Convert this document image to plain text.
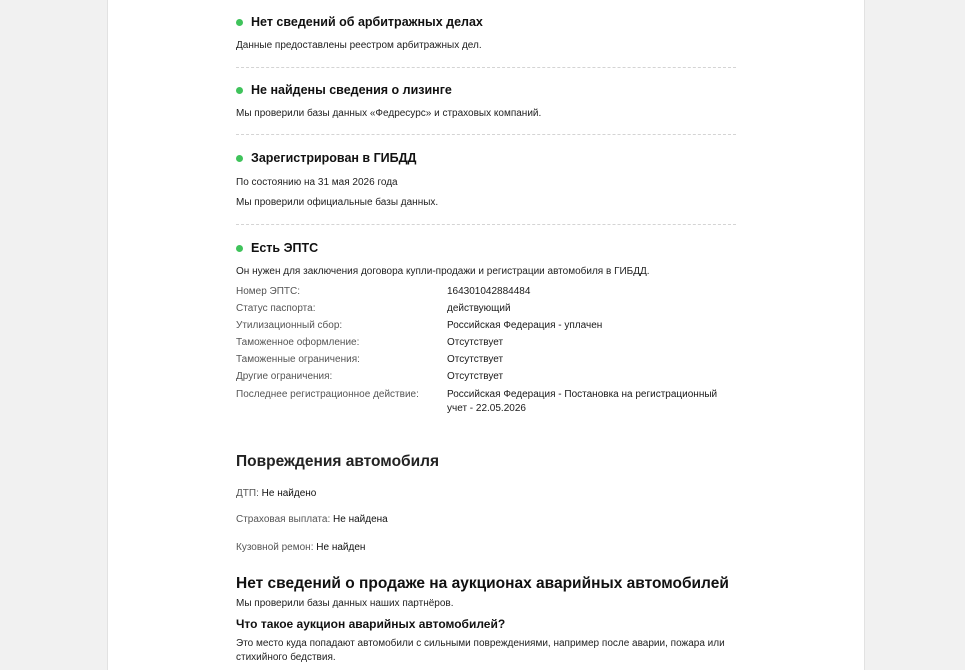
Нет сведений об арбитражных делах
Данные предоставлены реестром арбитражных дел.
Не найдены сведения о лизинге
Мы проверили базы данных «Федресурс» и страховых компаний.
Зарегистрирован в ГИБДД
По состоянию на 31 мая 2026 года
Мы проверили официальные базы данных.
Есть ЭПТС
Он нужен для заключения договора купли-продажи и регистрации автомобиля в ГИБДД.
Номер ЭПТС:	164301042884484
Статус паспорта:	действующий
Утилизационный сбор:	Российская Федерация - уплачен
Таможенное оформление:	Отсутствует
Таможенные ограничения:	Отсутствует
Другие ограничения:	Отсутствует
Последнее регистрационное действие:	Российская Федерация - Постановка на регистрационный учет - 22.05.2026
Повреждения автомобиля
ДТП: Не найдено
Страховая выплата: Не найдена
Кузовной ремон: Не найден
Нет сведений о продаже на аукционах аварийных автомобилей
Мы проверили базы данных наших партнёров.
Что такое аукцион аварийных автомобилей?
Это место куда попадают автомобили с сильными повреждениями, например после аварии, пожара или стихийного бедствия.
